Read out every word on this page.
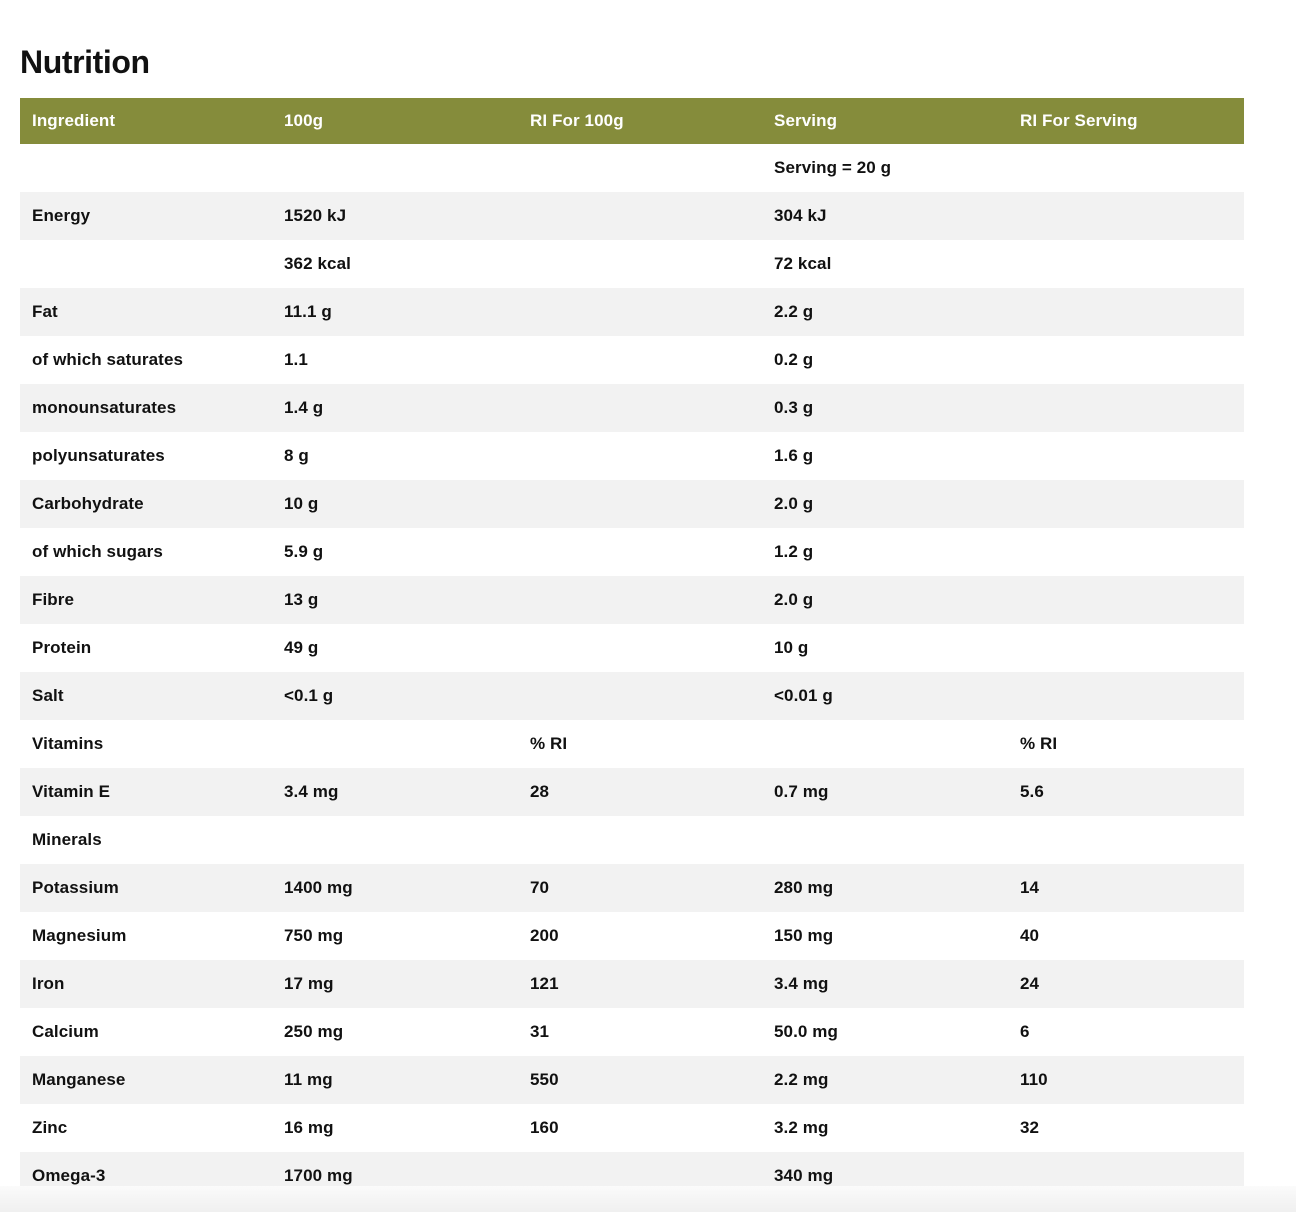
Nutrition
Ingredient	100g	RI For 100g	Serving	RI For Serving
			Serving = 20 g	
Energy	1520 kJ		304 kJ	
	362 kcal		72 kcal	
Fat	11.1 g		2.2 g	
of which saturates	1.1		0.2 g	
monounsaturates	1.4 g		0.3 g	
polyunsaturates	8 g		1.6 g	
Carbohydrate	10 g		2.0 g	
of which sugars	5.9 g		1.2 g	
Fibre	13 g		2.0 g	
Protein	49 g		10 g	
Salt	<0.1 g		<0.01 g	
Vitamins		% RI		% RI
Vitamin E	3.4 mg	28	0.7 mg	5.6
Minerals				
Potassium	1400 mg	70	280 mg	14
Magnesium	750 mg	200	150 mg	40
Iron	17 mg	121	3.4 mg	24
Calcium	250 mg	31	50.0 mg	6
Manganese	11 mg	550	2.2 mg	110
Zinc	16 mg	160	3.2 mg	32
Omega-3	1700 mg		340 mg	
